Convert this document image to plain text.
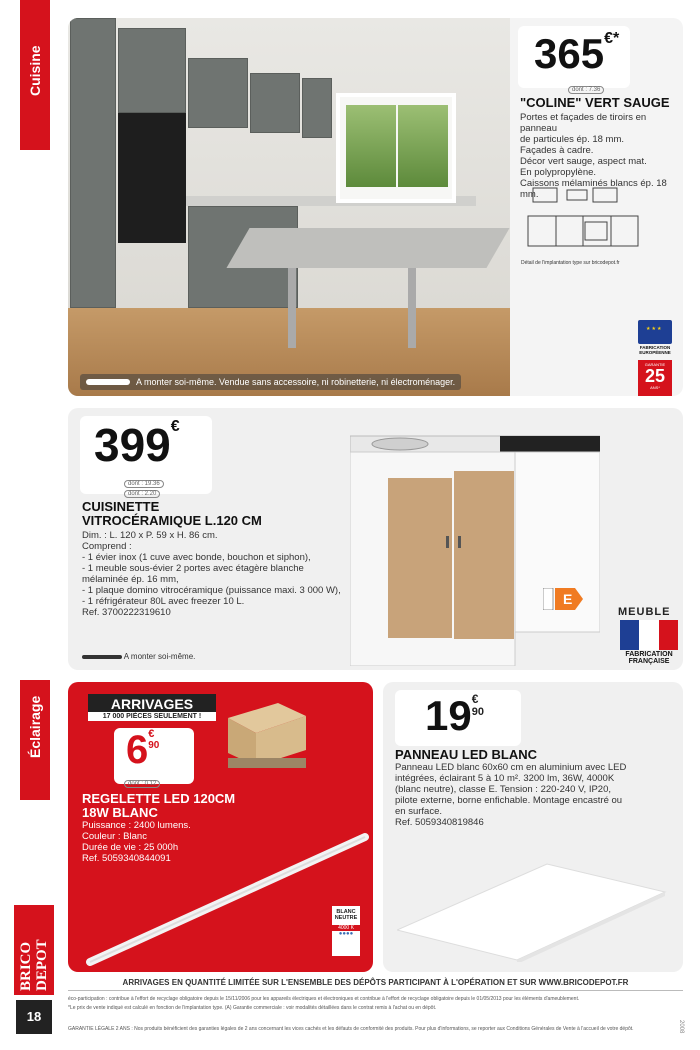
Cuisine
Éclairage
BRICO DEPOT
18
A monter soi-même. Vendue sans accessoire, ni robinetterie, ni électroménager.
365€*
dont : 7.36
"COLINE" VERT SAUGE
Portes et façades de tiroirs en panneau
de particules ép. 18 mm.
Façades à cadre.
Décor vert sauge, aspect mat.
En polypropylène.
Caissons mélaminés blancs ép. 18 mm.
Détail de l'implantation type sur bricodepot.fr
★★★
FABRICATION
EUROPÉENNE
GARANTIE
25
ANS*
399€
dont : 19.36
dont : 2.20
CUISINETTE
VITROCÉRAMIQUE L.120 CM
Dim. : L. 120 x P. 59 x H. 86 cm.
Comprend :
- 1 évier inox (1 cuve avec bonde, bouchon et siphon),
- 1 meuble sous-évier 2 portes avec étagère blanche
mélaminée ép. 16 mm,
- 1 plaque domino vitrocéramique (puissance maxi. 3 000 W),
- 1 réfrigérateur 80L avec freezer 10 L.
Ref. 3700222319610
A monter soi-même.
E
MEUBLE
FABRICATION
FRANÇAISE
ARRIVAGES
17 000 PIÈCES SEULEMENT !
6 €
90
dont : 0.12
REGELETTE LED 120CM
18W BLANC
Puissance : 2400 lumens.
Couleur : Blanc
Durée de vie : 25 000h
Ref. 5059340844091
BLANC
NEUTRE
4000 K
●●●●
19 €
90
PANNEAU LED BLANC
Panneau LED blanc 60x60 cm en aluminium avec LED
intégrées, éclairant 5 à 10 m². 3200 lm, 36W, 4000K
(blanc neutre), classe E. Tension : 220-240 V, IP20,
pilote externe, borne enfichable. Montage encastré ou
en surface.
Ref. 5059340819846
ARRIVAGES EN QUANTITÉ LIMITÉE SUR L'ENSEMBLE DES DÉPÔTS PARTICIPANT À L'OPÉRATION ET SUR WWW.BRICODEPOT.FR
éco-participation : contribue à l'effort de recyclage obligatoire depuis le 15/11/2006 pour les appareils électriques et électroniques et contribue à l'effort de recyclage obligatoire depuis le 01/05/2013 pour les éléments d'ameublement.
*Le prix de vente indiqué est calculé en fonction de l'implantation type. (A) Garantie commerciale : voir modalités détaillées dans le contrat remis à l'achat ou en dépôt.
GARANTIE LÉGALE 2 ANS : Nos produits bénéficient des garanties légales de 2 ans concernant les vices cachés et les défauts de conformité des produits. Pour plus d'informations, se reporter aux Conditions Générales de Vente à l'accueil de votre dépôt.	2008
